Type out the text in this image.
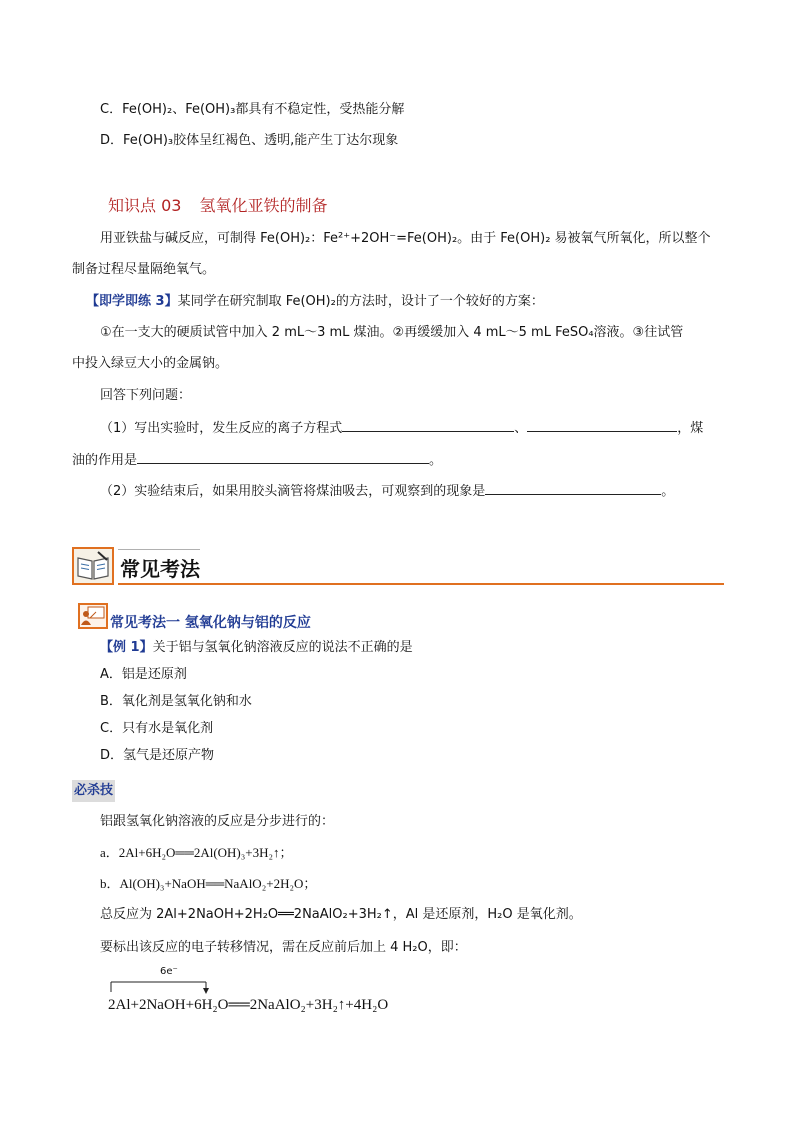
C．Fe(OH)₂、Fe(OH)₃都具有不稳定性，受热能分解
D．Fe(OH)₃胶体呈红褐色、透明,能产生丁达尔现象
知识点 03 氢氧化亚铁的制备
用亚铁盐与碱反应，可制得 Fe(OH)₂：Fe²⁺+2OH⁻=Fe(OH)₂。由于 Fe(OH)₂ 易被氧气所氧化，所以整个
制备过程尽量隔绝氧气。
【即学即练 3】某同学在研究制取 Fe(OH)₂的方法时，设计了一个较好的方案：
①在一支大的硬质试管中加入 2 mL～3 mL 煤油。②再缓缓加入 4 mL～5 mL FeSO₄溶液。③往试管
中投入绿豆大小的金属钠。
回答下列问题：
（1）写出实验时，发生反应的离子方程式	、	，煤
油的作用是	。
（2）实验结束后，如果用胶头滴管将煤油吸去，可观察到的现象是	。
常见考法
常见考法一 氢氧化钠与铝的反应
【例 1】关于铝与氢氧化钠溶液反应的说法不正确的是
A．铝是还原剂
B．氧化剂是氢氧化钠和水
C．只有水是氧化剂
D．氢气是还原产物
必杀技
铝跟氢氧化钠溶液的反应是分步进行的：
a．2Al+6H₂O══2Al(OH)₃+3H₂↑；
b．Al(OH)₃+NaOH══NaAlO₂+2H₂O；
总反应为 2Al+2NaOH+2H₂O══2NaAlO₂+3H₂↑，Al 是还原剂，H₂O 是氧化剂。
要标出该反应的电子转移情况，需在反应前后加上 4 H₂O，即：
6e⁻
2Al+2NaOH+6H₂O══2NaAlO₂+3H₂↑+4H₂O
